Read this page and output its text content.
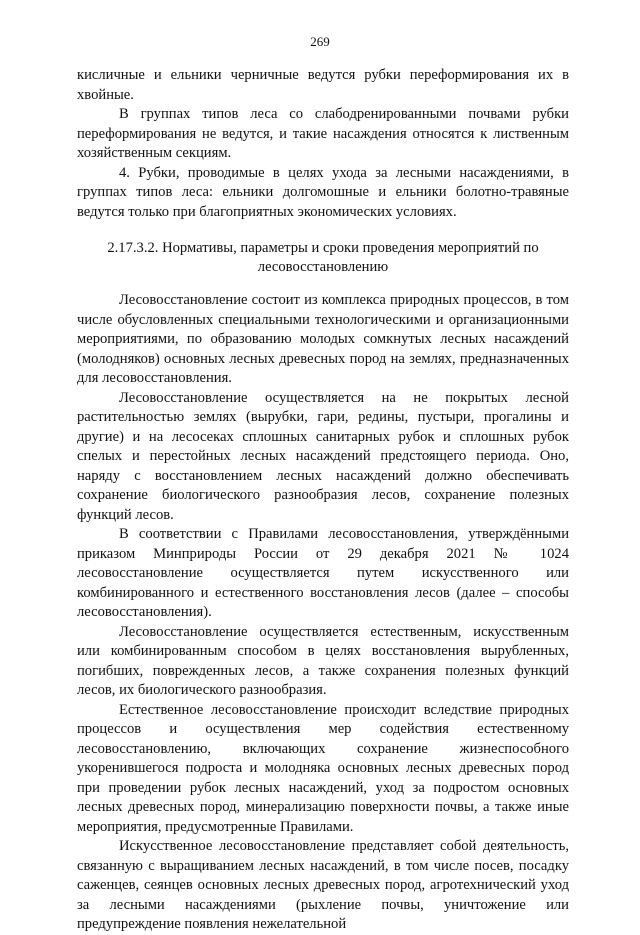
269

кисличные и ельники черничные ведутся рубки переформирования их в хвойные.

В группах типов леса со слабодренированными почвами рубки переформирования не ведутся, и такие насаждения относятся к лиственным хозяйственным секциям.

4. Рубки, проводимые в целях ухода за лесными насаждениями, в группах типов леса: ельники долгомошные и ельники болотно-травяные ведутся только при благоприятных экономических условиях.

2.17.3.2. Нормативы, параметры и сроки проведения мероприятий по лесовосстановлению

Лесовосстановление состоит из комплекса природных процессов, в том числе обусловленных специальными технологическими и организационными мероприятиями, по образованию молодых сомкнутых лесных насаждений (молодняков) основных лесных древесных пород на землях, предназначенных для лесовосстановления.

Лесовосстановление осуществляется на не покрытых лесной растительностью землях (вырубки, гари, редины, пустыри, прогалины и другие) и на лесосеках сплошных санитарных рубок и сплошных рубок спелых и перестойных лесных насаждений предстоящего периода. Оно, наряду с восстановлением лесных насаждений должно обеспечивать сохранение биологического разнообразия лесов, сохранение полезных функций лесов.

В соответствии с Правилами лесовосстановления, утверждёнными приказом Минприроды России от 29 декабря 2021 № 1024 лесовосстановление осуществляется путем искусственного или комбинированного и естественного восстановления лесов (далее – способы лесовосстановления).

Лесовосстановление осуществляется естественным, искусственным или комбинированным способом в целях восстановления вырубленных, погибших, поврежденных лесов, а также сохранения полезных функций лесов, их биологического разнообразия.

Естественное лесовосстановление происходит вследствие природных процессов и осуществления мер содействия естественному лесовосстановлению, включающих сохранение жизнеспособного укоренившегося подроста и молодняка основных лесных древесных пород при проведении рубок лесных насаждений, уход за подростом основных лесных древесных пород, минерализацию поверхности почвы, а также иные мероприятия, предусмотренные Правилами.

Искусственное лесовосстановление представляет собой деятельность, связанную с выращиванием лесных насаждений, в том числе посев, посадку саженцев, сеянцев основных лесных древесных пород, агротехнический уход за лесными насаждениями (рыхление почвы, уничтожение или предупреждение появления нежелательной
